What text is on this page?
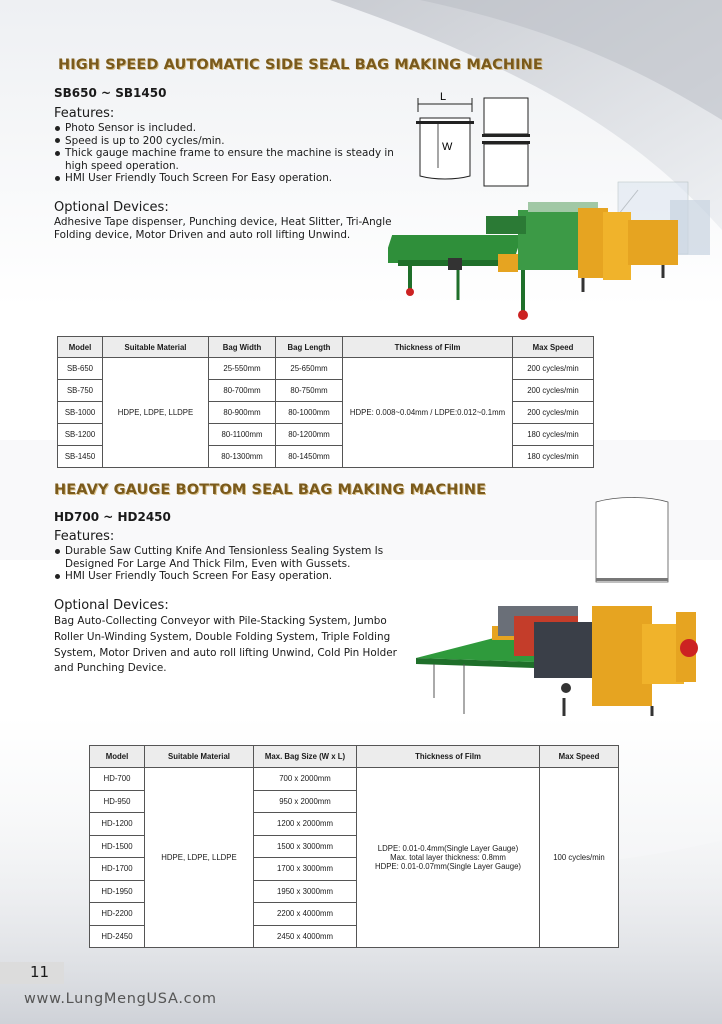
HIGH SPEED AUTOMATIC SIDE SEAL BAG MAKING MACHINE
SB650 ~ SB1450
Features:
Photo Sensor is included.
Speed is up to 200 cycles/min.
Thick gauge machine frame to ensure the machine is steady in high speed operation.
HMI User Friendly Touch Screen For Easy operation.
Optional Devices:
Adhesive Tape dispenser, Punching device, Heat Slitter, Tri-Angle Folding device, Motor Driven and auto roll lifting Unwind.
L
W
Model	Suitable Material	Bag Width	Bag Length	Thickness of Film	Max Speed
SB-650	HDPE, LDPE, LLDPE	25-550mm	25-650mm	HDPE: 0.008~0.04mm / LDPE:0.012~0.1mm	200 cycles/min
SB-750		80-700mm	80-750mm		200 cycles/min
SB-1000		80-900mm	80-1000mm		200 cycles/min
SB-1200		80-1100mm	80-1200mm		180 cycles/min
SB-1450		80-1300mm	80-1450mm		180 cycles/min
HEAVY GAUGE BOTTOM SEAL BAG MAKING MACHINE
HD700 ~ HD2450
Features:
Durable Saw Cutting Knife And Tensionless Sealing System Is Designed For Large And Thick Film, Even with Gussets.
HMI User Friendly Touch Screen For Easy operation.
Optional Devices:
Bag Auto-Collecting Conveyor with Pile-Stacking System, Jumbo Roller Un-Winding System, Double Folding System, Triple Folding System, Motor Driven and auto roll lifting Unwind, Cold Pin Holder and Punching Device.
Model	Suitable Material	Max. Bag Size (W x L)	Thickness of Film	Max Speed
HD-700	HDPE, LDPE, LLDPE	700 x 2000mm	LDPE: 0.01-0.4mm(Single Layer Gauge)
Max. total layer thickness: 0.8mm
HDPE: 0.01-0.07mm(Single Layer Gauge)	100 cycles/min
HD-950		950 x 2000mm		
HD-1200		1200 x 2000mm		
HD-1500		1500 x 3000mm		
HD-1700		1700 x 3000mm		
HD-1950		1950 x 3000mm		
HD-2200		2200 x 4000mm		
HD-2450		2450 x 4000mm		
11
www.LungMengUSA.com
